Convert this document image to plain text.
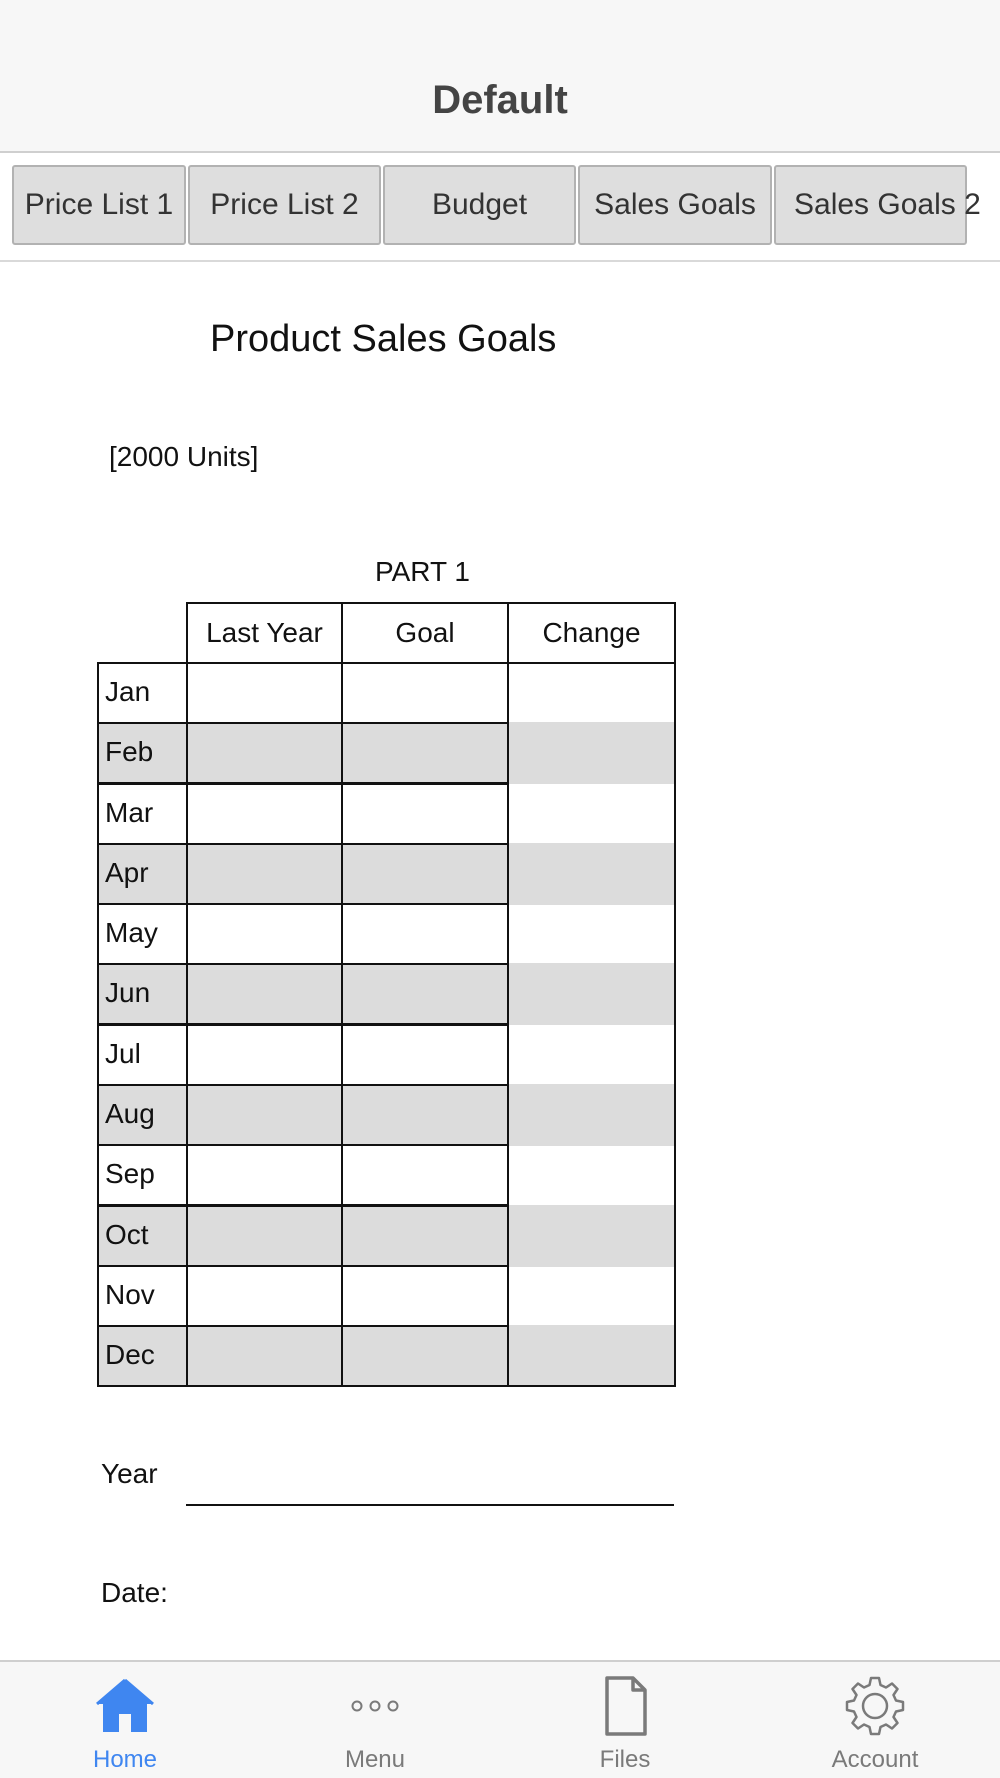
Default
Price List 1	Price List 2	Budget	Sales Goals	Sales Goals 2
Product Sales Goals
[2000 Units]
PART 1
Last Year	Goal	Change
Jan
Feb
Mar
Apr
May
Jun
Jul
Aug
Sep
Oct
Nov
Dec
Year
Date:
Home	Menu	Files	Account
